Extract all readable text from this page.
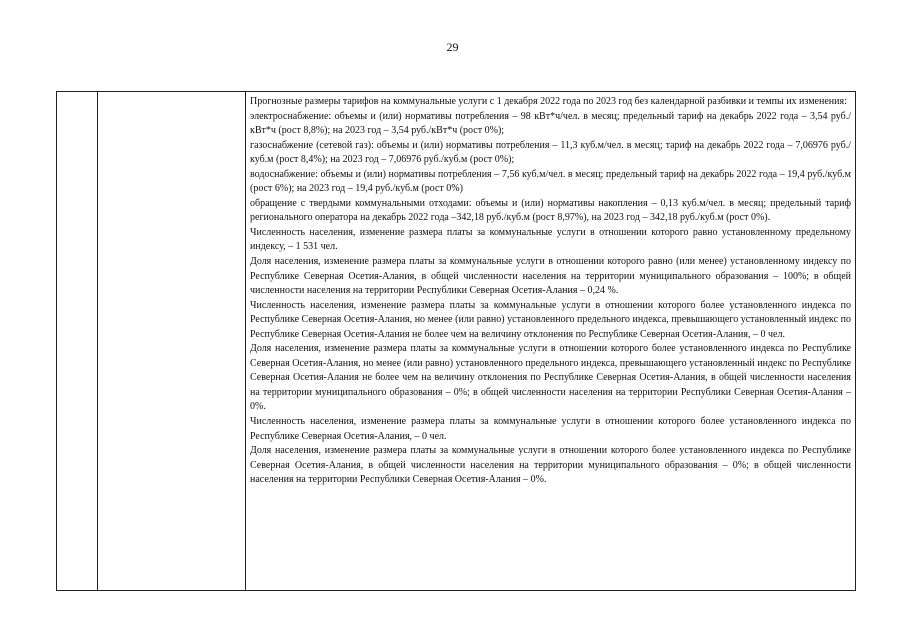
29

Прогнозные размеры тарифов на коммунальные услуги с 1 декабря 2022 года по 2023 год без календарной разбивки и темпы их изменения:

электроснабжение: объемы и (или) нормативы потребления – 98 кВт*ч/чел. в месяц; предельный тариф на декабрь 2022 года – 3,54 руб./кВт*ч (рост 8,8%); на 2023 год – 3,54 руб./кВт*ч (рост 0%);

газоснабжение (сетевой газ): объемы и (или) нормативы потребления – 11,3 куб.м/чел. в месяц; тариф на декабрь 2022 года – 7,06976 руб./куб.м (рост 8,4%); на 2023 год – 7,06976 руб./куб.м (рост 0%);

водоснабжение: объемы и (или) нормативы потребления – 7,56 куб.м/чел. в месяц; предельный тариф на декабрь 2022 года – 19,4 руб./куб.м (рост 6%); на 2023 год – 19,4 руб./куб.м (рост 0%)

обращение с твердыми коммунальными отходами: объемы и (или) нормативы накопления – 0,13 куб.м/чел. в месяц; предельный тариф регионального оператора на декабрь 2022 года –342,18 руб./куб.м (рост 8,97%), на 2023 год – 342,18 руб./куб.м (рост 0%).

Численность населения, изменение размера платы за коммунальные услуги в отношении которого равно установленному предельному индексу, – 1 531 чел.

Доля населения, изменение размера платы за коммунальные услуги в отношении которого равно (или менее) установленному индексу по Республике Северная Осетия-Алания, в общей численности населения на территории муниципального образования – 100%; в общей численности населения на территории Республики Северная Осетия-Алания – 0,24 %.

Численность населения, изменение размера платы за коммунальные услуги в отношении которого более установленного индекса по Республике Северная Осетия-Алания, но менее (или равно) установленного предельного индекса, превышающего установленный индекс по Республике Северная Осетия-Алания не более чем на величину отклонения по Республике Северная Осетия-Алания, – 0 чел.

Доля населения, изменение размера платы за коммунальные услуги в отношении которого более установленного индекса по Республике Северная Осетия-Алания, но менее (или равно) установленного предельного индекса, превышающего установленный индекс по Республике Северная Осетия-Алания не более чем на величину отклонения по Республике Северная Осетия-Алания, в общей численности населения на территории муниципального образования – 0%; в общей численности населения на территории Республики Северная Осетия-Алания – 0%.

Численность населения, изменение размера платы за коммунальные услуги в отношении которого более установленного индекса по Республике Северная Осетия-Алания, – 0 чел.

Доля населения, изменение размера платы за коммунальные услуги в отношении которого более установленного индекса по Республике Северная Осетия-Алания, в общей численности населения на территории муниципального образования – 0%; в общей численности населения на территории Республики Северная Осетия-Алания – 0%.
